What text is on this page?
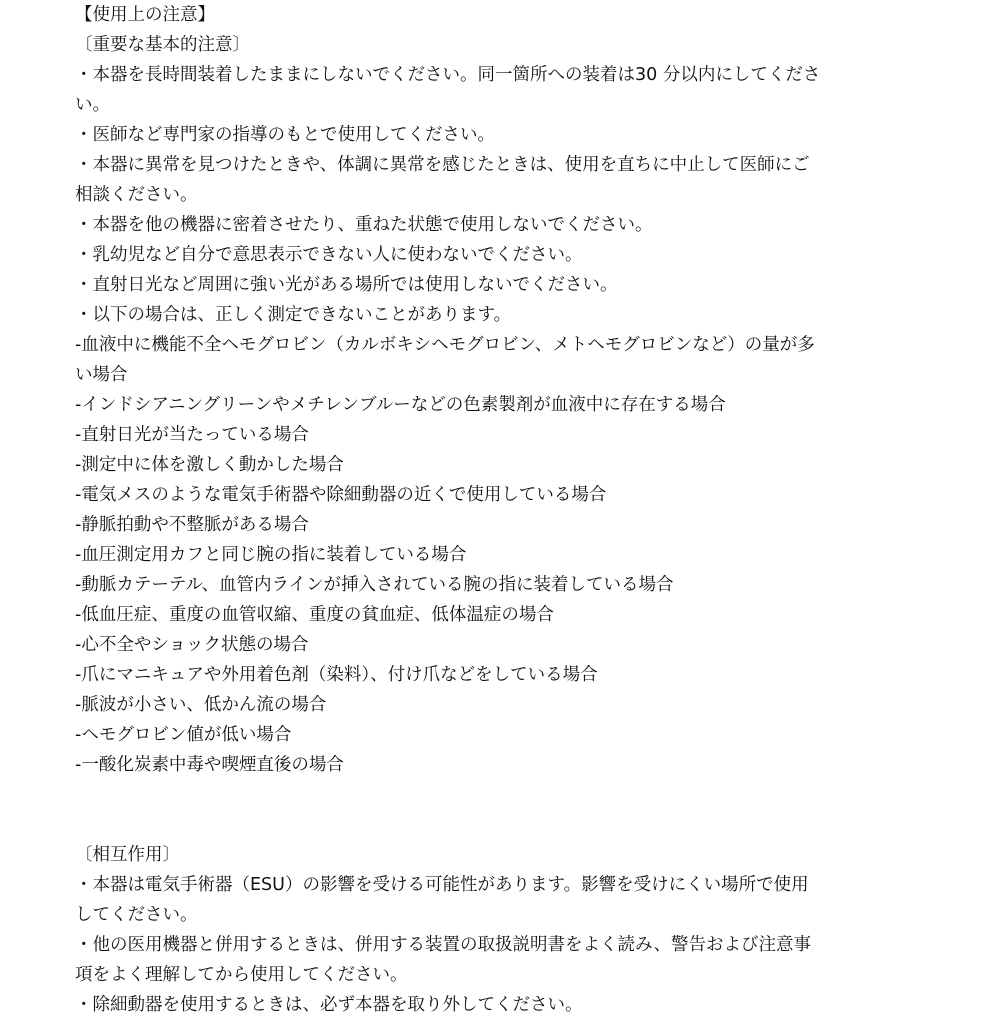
【使用上の注意】

〔重要な基本的注意〕

・本器を長時間装着したままにしないでください。同一箇所への装着は30 分以内にしてくださ
い。
・医師など専門家の指導のもとで使用してください。
・本器に異常を見つけたときや、体調に異常を感じたときは、使用を直ちに中止して医師にご
相談ください。
・本器を他の機器に密着させたり、重ねた状態で使用しないでください。
・乳幼児など自分で意思表示できない人に使わないでください。
・直射日光など周囲に強い光がある場所では使用しないでください。
・以下の場合は、正しく測定できないことがあります。
-血液中に機能不全ヘモグロビン（カルボキシヘモグロビン、メトヘモグロビンなど）の量が多
い場合
-インドシアニングリーンやメチレンブルーなどの色素製剤が血液中に存在する場合
-直射日光が当たっている場合
-測定中に体を激しく動かした場合
-電気メスのような電気手術器や除細動器の近くで使用している場合
-静脈拍動や不整脈がある場合
-血圧測定用カフと同じ腕の指に装着している場合
-動脈カテーテル、血管内ラインが挿入されている腕の指に装着している場合
-低血圧症、重度の血管収縮、重度の貧血症、低体温症の場合
-心不全やショック状態の場合
-爪にマニキュアや外用着色剤（染料）、付け爪などをしている場合
-脈波が小さい、低かん流の場合
-ヘモグロビン値が低い場合
-一酸化炭素中毒や喫煙直後の場合

〔相互作用〕

・本器は電気手術器（ESU）の影響を受ける可能性があります。影響を受けにくい場所で使用
してください。
・他の医用機器と併用するときは、併用する装置の取扱説明書をよく読み、警告および注意事
項をよく理解してから使用してください。
・除細動器を使用するときは、必ず本器を取り外してください。
